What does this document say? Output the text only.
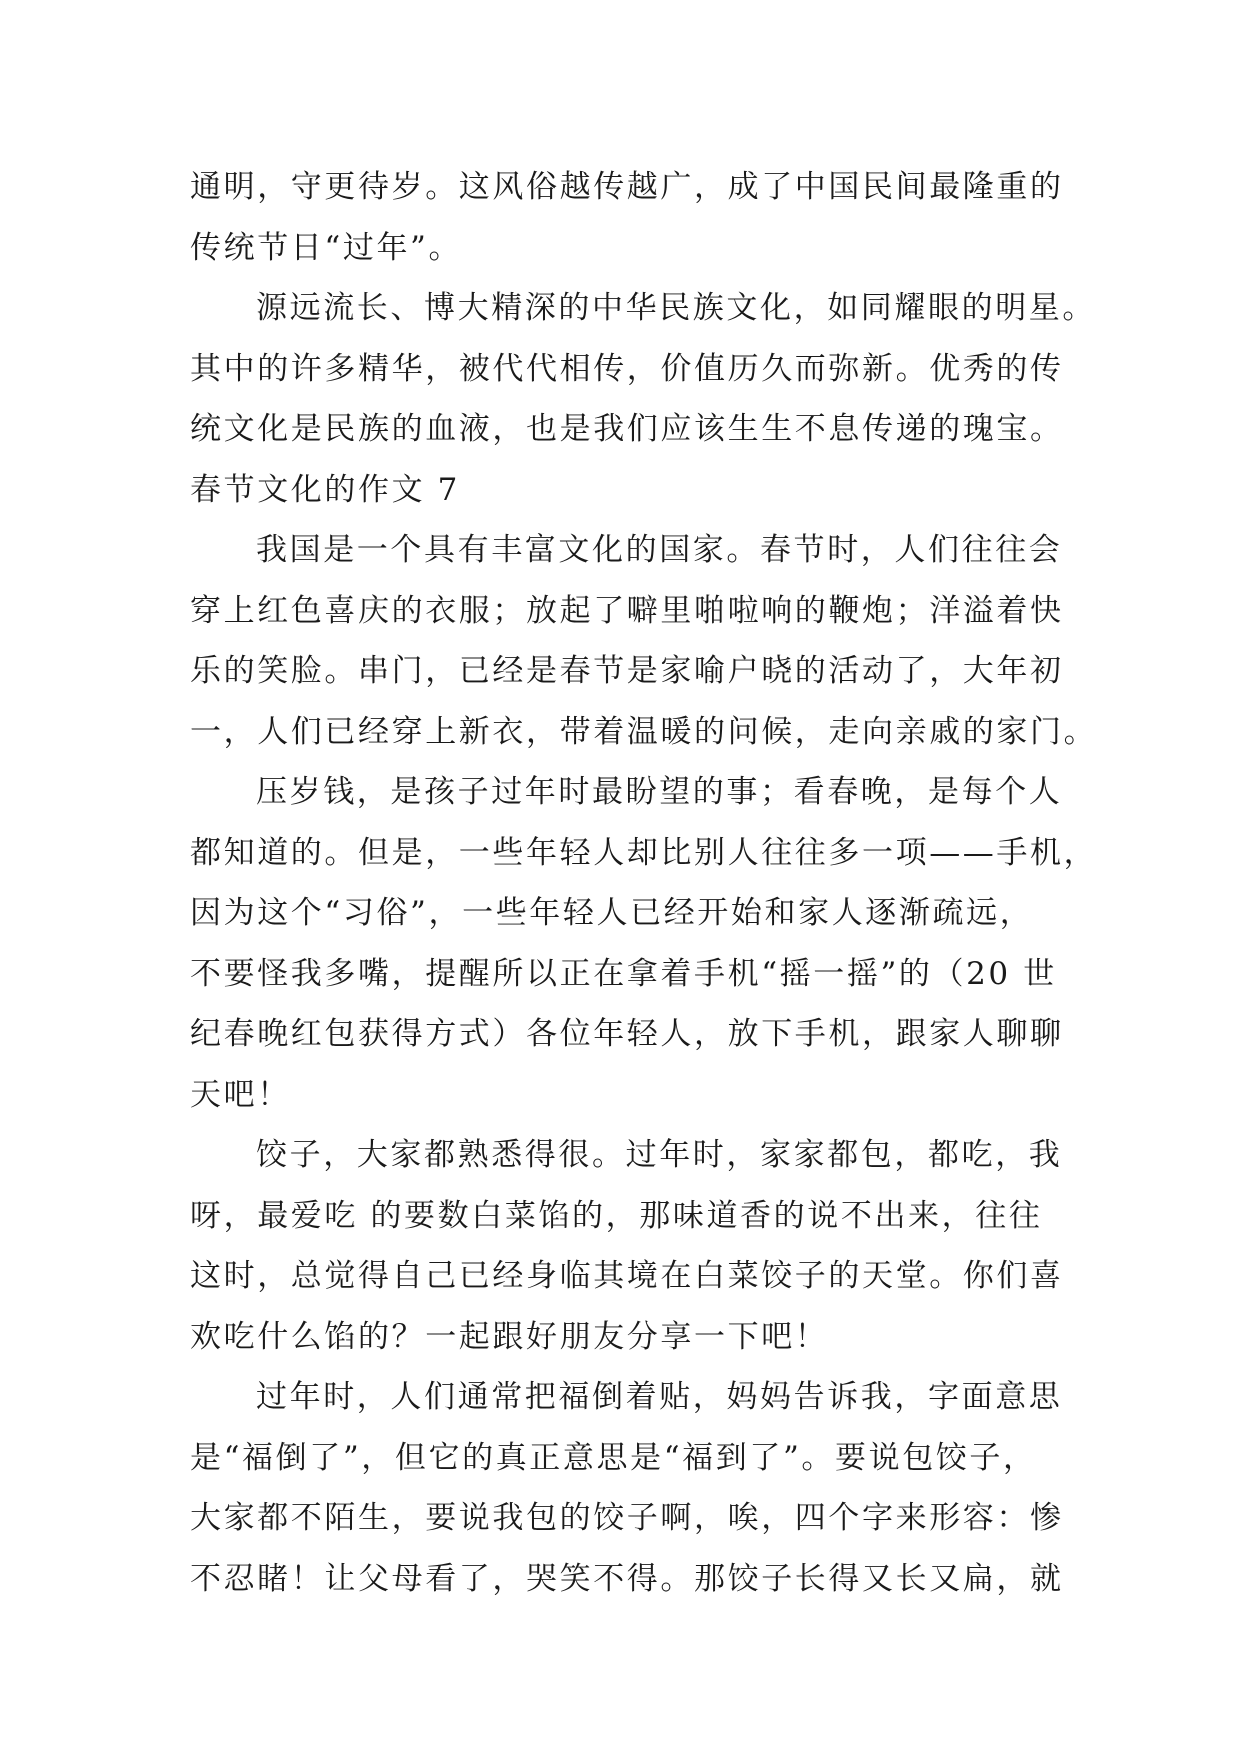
通明，守更待岁。这风俗越传越广，成了中国民间最隆重的
传统节日“过年”。
源远流长、博大精深的中华民族文化，如同耀眼的明星。
其中的许多精华，被代代相传，价值历久而弥新。优秀的传
统文化是民族的血液，也是我们应该生生不息传递的瑰宝。
春节文化的作文 7
我国是一个具有丰富文化的国家。春节时，人们往往会
穿上红色喜庆的衣服；放起了噼里啪啦响的鞭炮；洋溢着快
乐的笑脸。串门，已经是春节是家喻户晓的活动了，大年初
一，人们已经穿上新衣，带着温暖的问候，走向亲戚的家门。
压岁钱，是孩子过年时最盼望的事；看春晚，是每个人
都知道的。但是，一些年轻人却比别人往往多一项——手机，
因为这个“习俗”，一些年轻人已经开始和家人逐渐疏远，
不要怪我多嘴，提醒所以正在拿着手机“摇一摇”的（20 世
纪春晚红包获得方式）各位年轻人，放下手机，跟家人聊聊
天吧！
饺子，大家都熟悉得很。过年时，家家都包，都吃，我
呀，最爱吃 的要数白菜馅的，那味道香的说不出来，往往
这时，总觉得自己已经身临其境在白菜饺子的天堂。你们喜
欢吃什么馅的？一起跟好朋友分享一下吧！
过年时，人们通常把福倒着贴，妈妈告诉我，字面意思
是“福倒了”，但它的真正意思是“福到了”。要说包饺子，
大家都不陌生，要说我包的饺子啊，唉，四个字来形容：惨
不忍睹！让父母看了，哭笑不得。那饺子长得又长又扁，就
